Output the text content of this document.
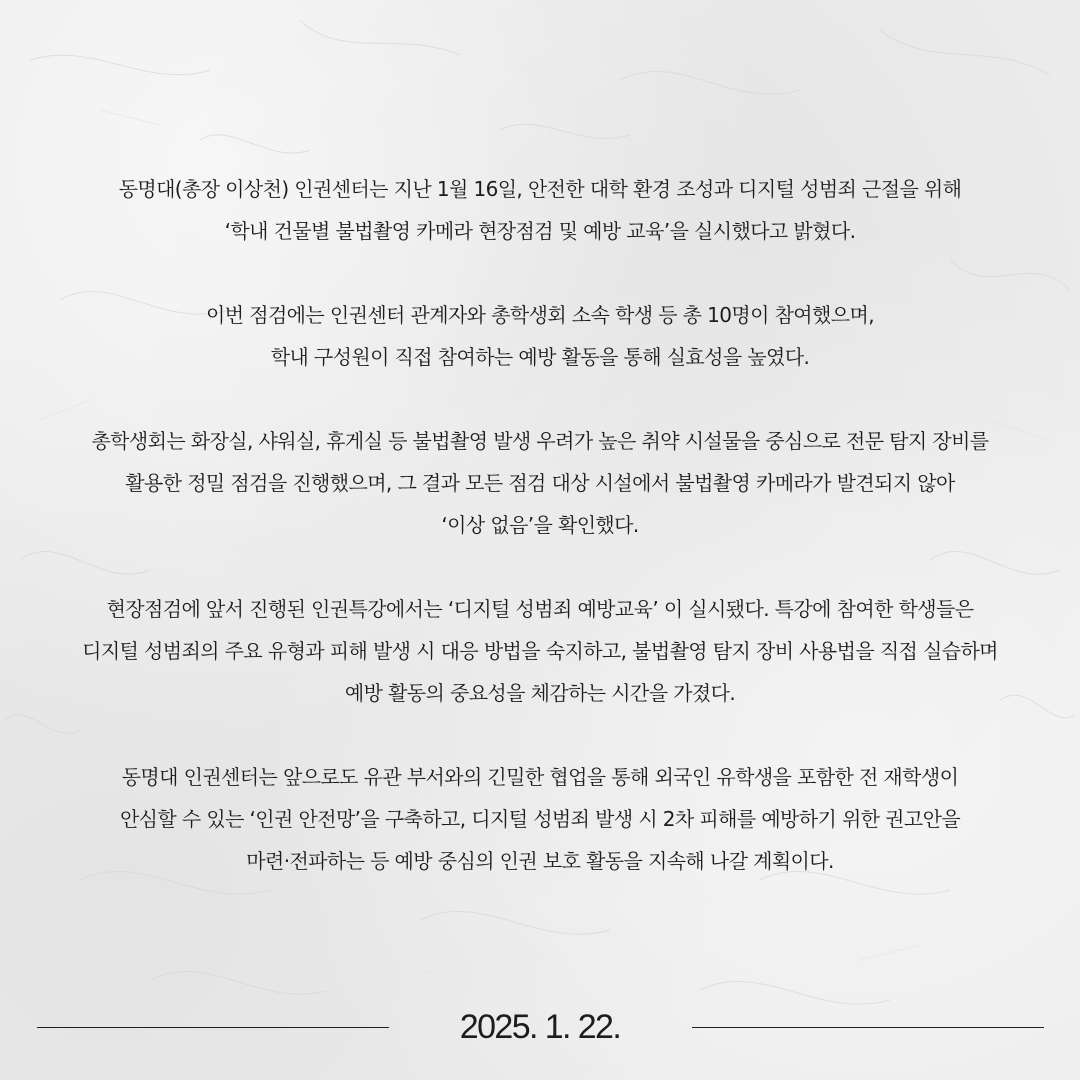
동명대(총장 이상천) 인권센터는 지난 1월 16일, 안전한 대학 환경 조성과 디지털 성범죄 근절을 위해
‘학내 건물별 불법촬영 카메라 현장점검 및 예방 교육’을 실시했다고 밝혔다.

이번 점검에는 인권센터 관계자와 총학생회 소속 학생 등 총 10명이 참여했으며,
학내 구성원이 직접 참여하는 예방 활동을 통해 실효성을 높였다.

총학생회는 화장실, 샤워실, 휴게실 등 불법촬영 발생 우려가 높은 취약 시설물을 중심으로 전문 탐지 장비를
활용한 정밀 점검을 진행했으며, 그 결과 모든 점검 대상 시설에서 불법촬영 카메라가 발견되지 않아
‘이상 없음’을 확인했다.

현장점검에 앞서 진행된 인권특강에서는 ‘디지털 성범죄 예방교육’ 이 실시됐다. 특강에 참여한 학생들은
디지털 성범죄의 주요 유형과 피해 발생 시 대응 방법을 숙지하고, 불법촬영 탐지 장비 사용법을 직접 실습하며
예방 활동의 중요성을 체감하는 시간을 가졌다.

동명대 인권센터는 앞으로도 유관 부서와의 긴밀한 협업을 통해 외국인 유학생을 포함한 전 재학생이
안심할 수 있는 ‘인권 안전망’을 구축하고, 디지털 성범죄 발생 시 2차 피해를 예방하기 위한 권고안을
마련·전파하는 등 예방 중심의 인권 보호 활동을 지속해 나갈 계획이다.

2025. 1. 22.
